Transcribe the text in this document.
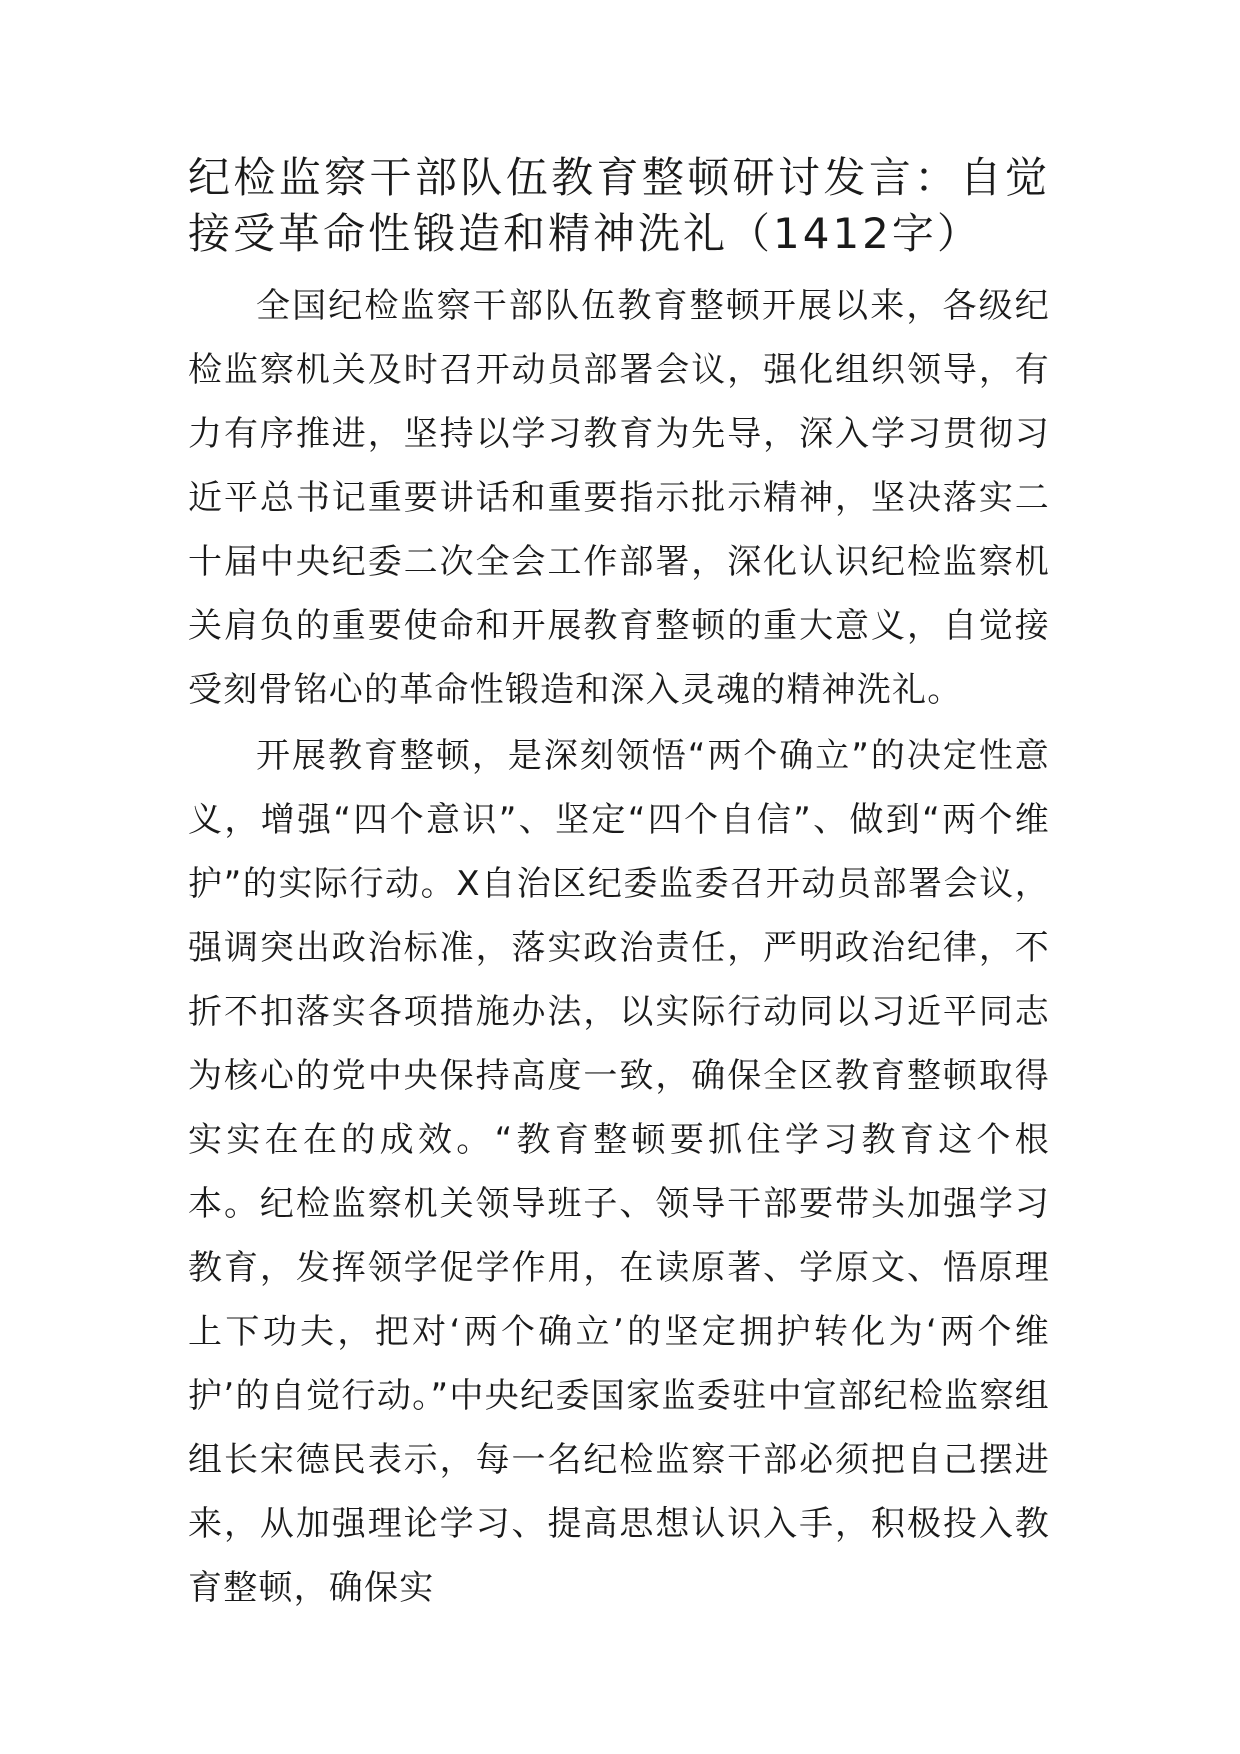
纪检监察干部队伍教育整顿研讨发言：自觉接受革命性锻造和精神洗礼（1412字）

全国纪检监察干部队伍教育整顿开展以来，各级纪检监察机关及时召开动员部署会议，强化组织领导，有力有序推进，坚持以学习教育为先导，深入学习贯彻习近平总书记重要讲话和重要指示批示精神，坚决落实二十届中央纪委二次全会工作部署，深化认识纪检监察机关肩负的重要使命和开展教育整顿的重大意义，自觉接受刻骨铭心的革命性锻造和深入灵魂的精神洗礼。

开展教育整顿，是深刻领悟“两个确立”的决定性意义，增强“四个意识”、坚定“四个自信”、做到“两个维护”的实际行动。X自治区纪委监委召开动员部署会议，强调突出政治标准，落实政治责任，严明政治纪律，不折不扣落实各项措施办法，以实际行动同以习近平同志为核心的党中央保持高度一致，确保全区教育整顿取得实实在在的成效。“教育整顿要抓住学习教育这个根本。纪检监察机关领导班子、领导干部要带头加强学习教育，发挥领学促学作用，在读原著、学原文、悟原理上下功夫，把对‘两个确立’的坚定拥护转化为‘两个维护’的自觉行动。”中央纪委国家监委驻中宣部纪检监察组组长宋德民表示，每一名纪检监察干部必须把自己摆进来，从加强理论学习、提高思想认识入手，积极投入教育整顿，确保实
